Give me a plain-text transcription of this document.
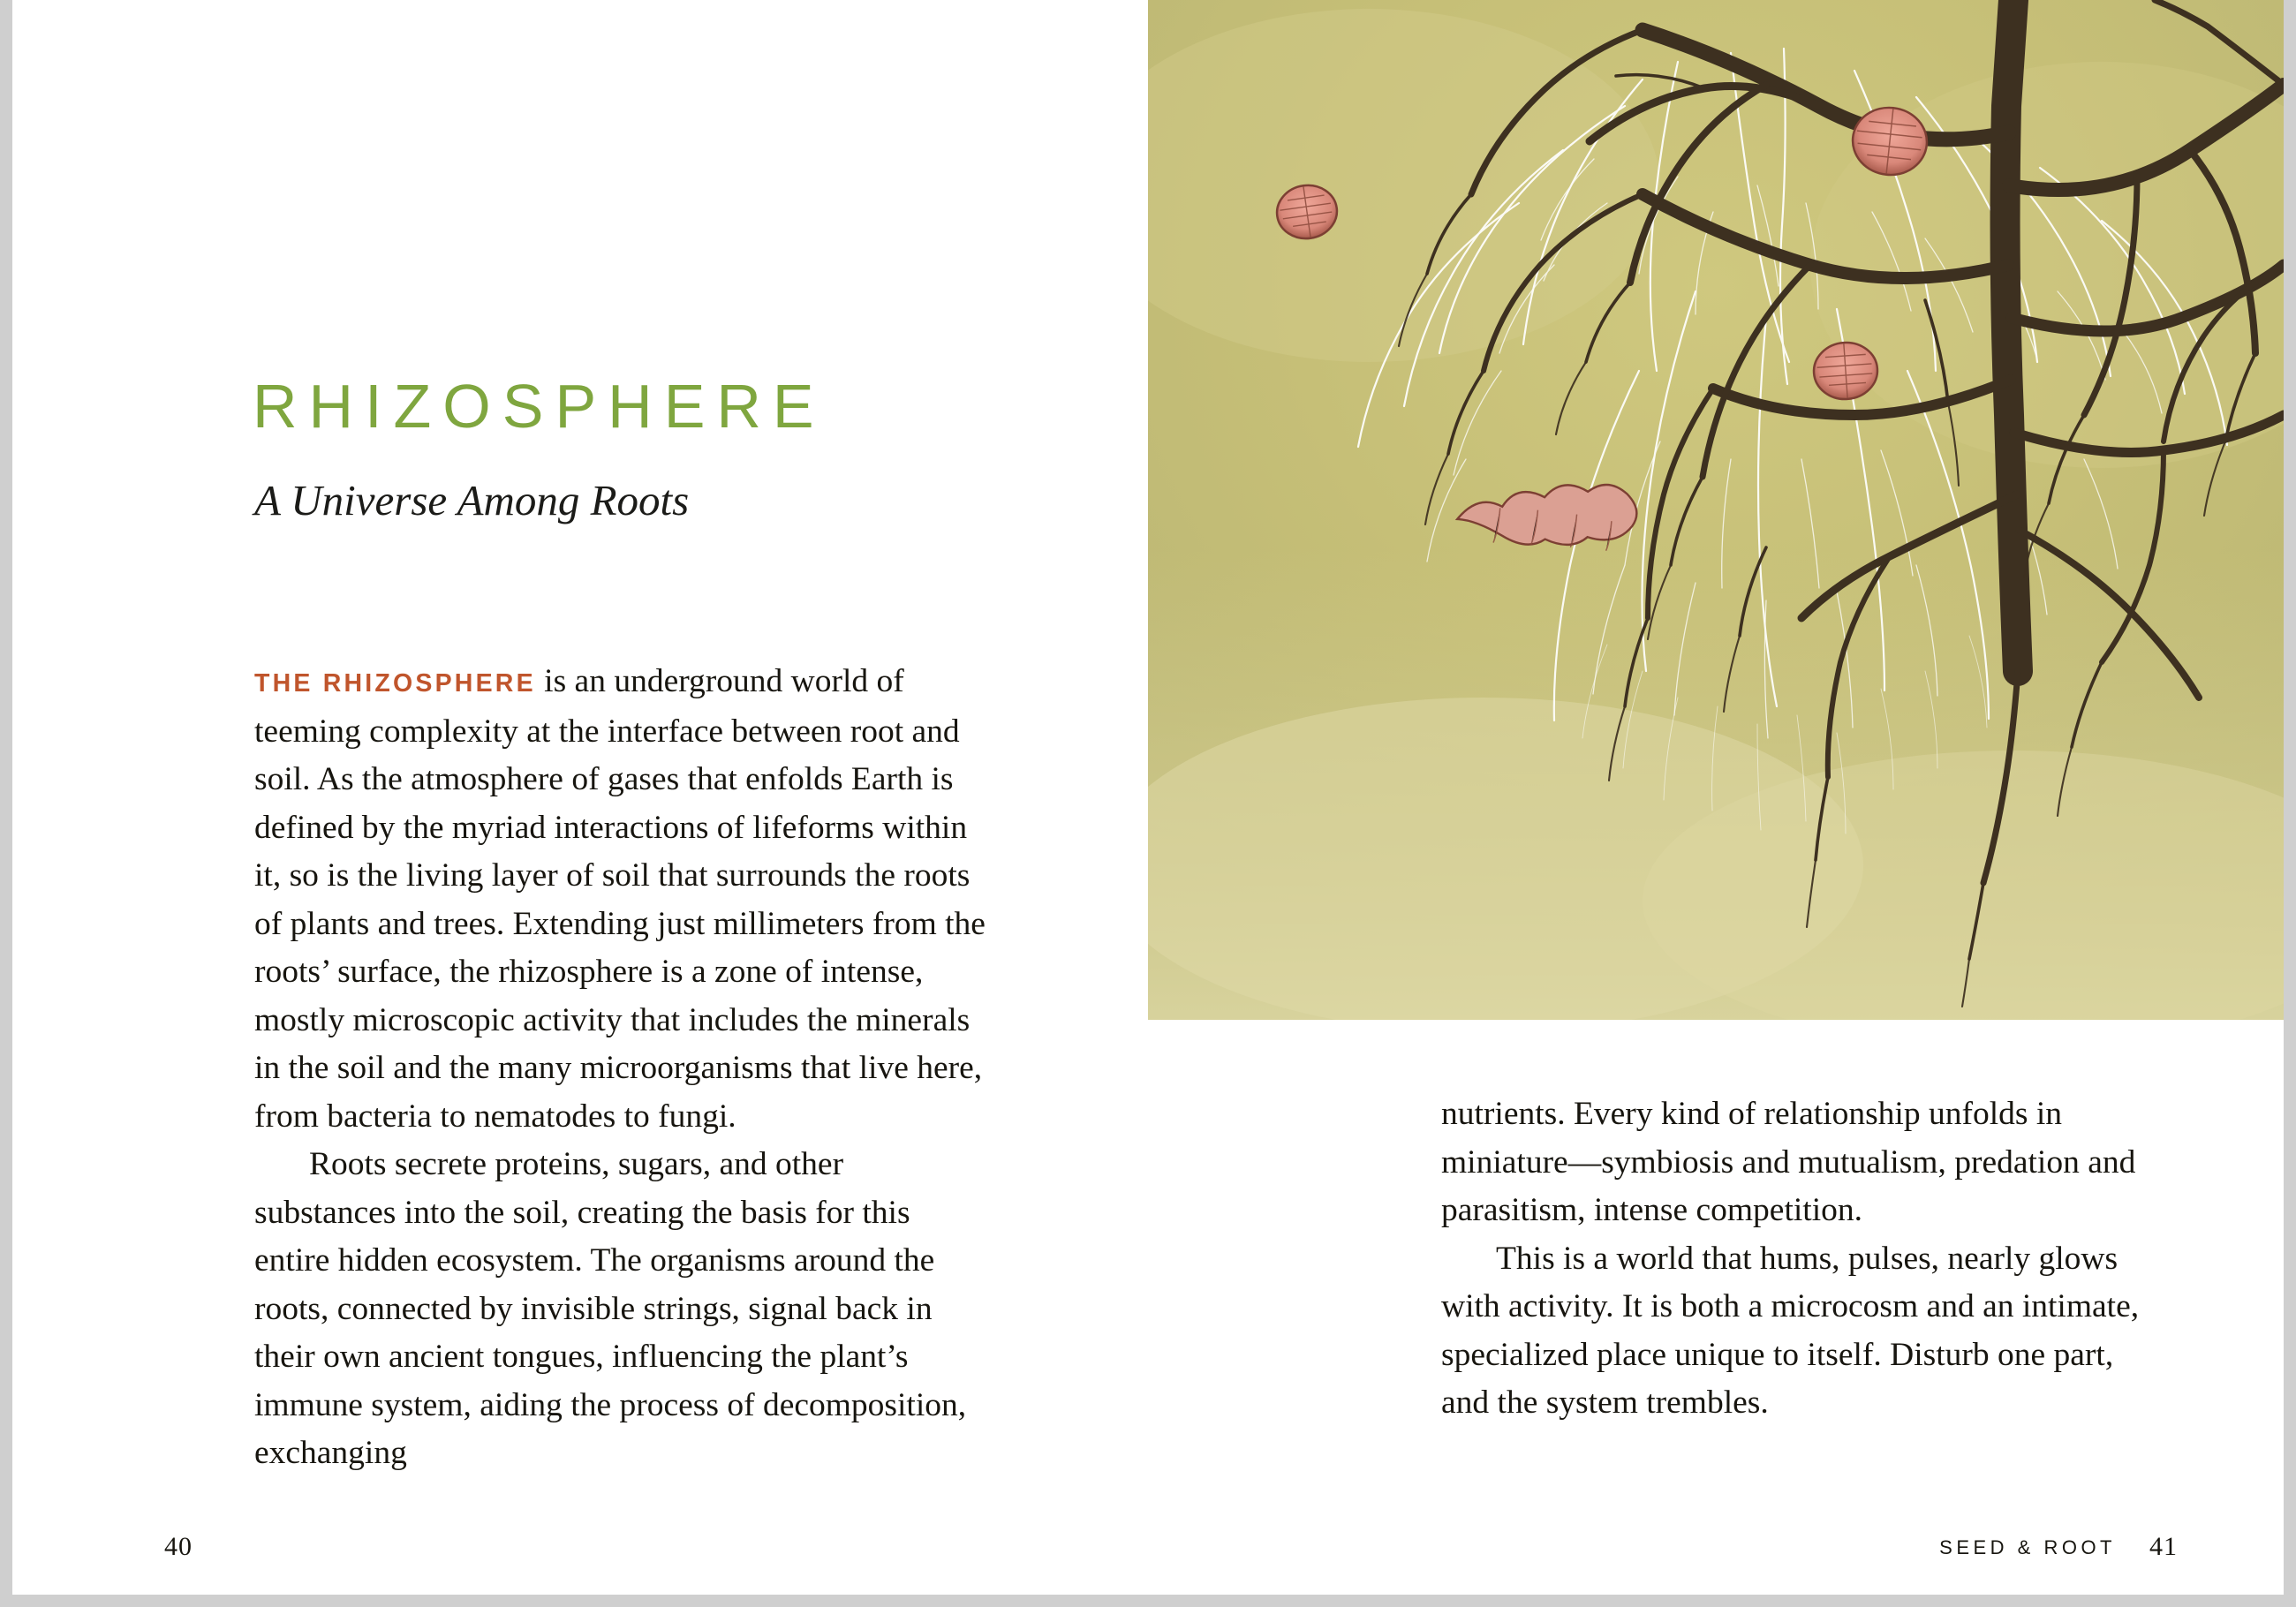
RHIZOSPHERE
A Universe Among Roots

THE RHIZOSPHERE is an underground world of teeming complexity at the interface between root and soil. As the atmosphere of gases that enfolds Earth is defined by the myriad interactions of lifeforms within it, so is the living layer of soil that surrounds the roots of plants and trees. Extending just millimeters from the roots’ surface, the rhizosphere is a zone of intense, mostly microscopic activity that includes the minerals in the soil and the many microorganisms that live here, from bacteria to nematodes to fungi.

Roots secrete proteins, sugars, and other substances into the soil, creating the basis for this entire hidden ecosystem. The organisms around the roots, connected by invisible strings, signal back in their own ancient tongues, influencing the plant’s immune system, aiding the process of decomposition, exchanging

40

nutrients. Every kind of relationship unfolds in miniature—symbiosis and mutualism, predation and parasitism, intense competition.

This is a world that hums, pulses, nearly glows with activity. It is both a microcosm and an intimate, specialized place unique to itself. Disturb one part, and the system trembles.

SEED & ROOT 41
